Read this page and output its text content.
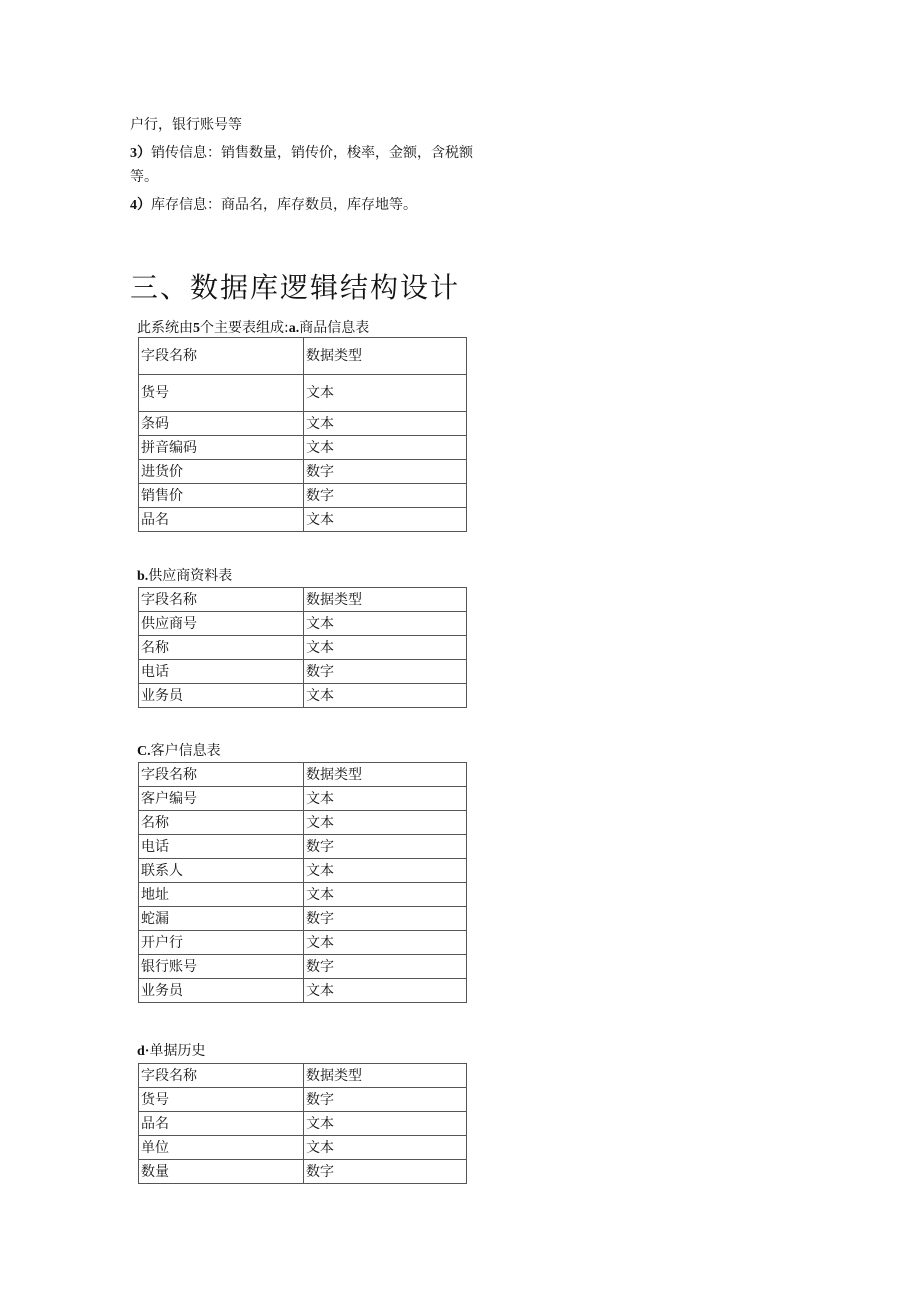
户行，银行账号等
3）销传信息：销售数量，销传价，梭率，金额，含税额
等。
4）库存信息：商品名，库存数员，库存地等。
三、数据库逻辑结构设计
此系统由5个主要表组成:a.商品信息表
字段名称	数据类型
货号	文本
条码	文本
拼音编码	文本
进货价	数字
销售价	数字
品名	文本
b.供应商资料表
字段名称	数据类型
供应商号	文本
名称	文本
电话	数字
业务员	文本
C.客户信息表
字段名称	数据类型
客户编号	文本
名称	文本
电话	数字
联系人	文本
地址	文本
蛇漏	数字
开户行	文本
银行账号	数字
业务员	文本
d·单据历史
字段名称	数据类型
货号	数字
品名	文本
单位	文本
数量	数字
